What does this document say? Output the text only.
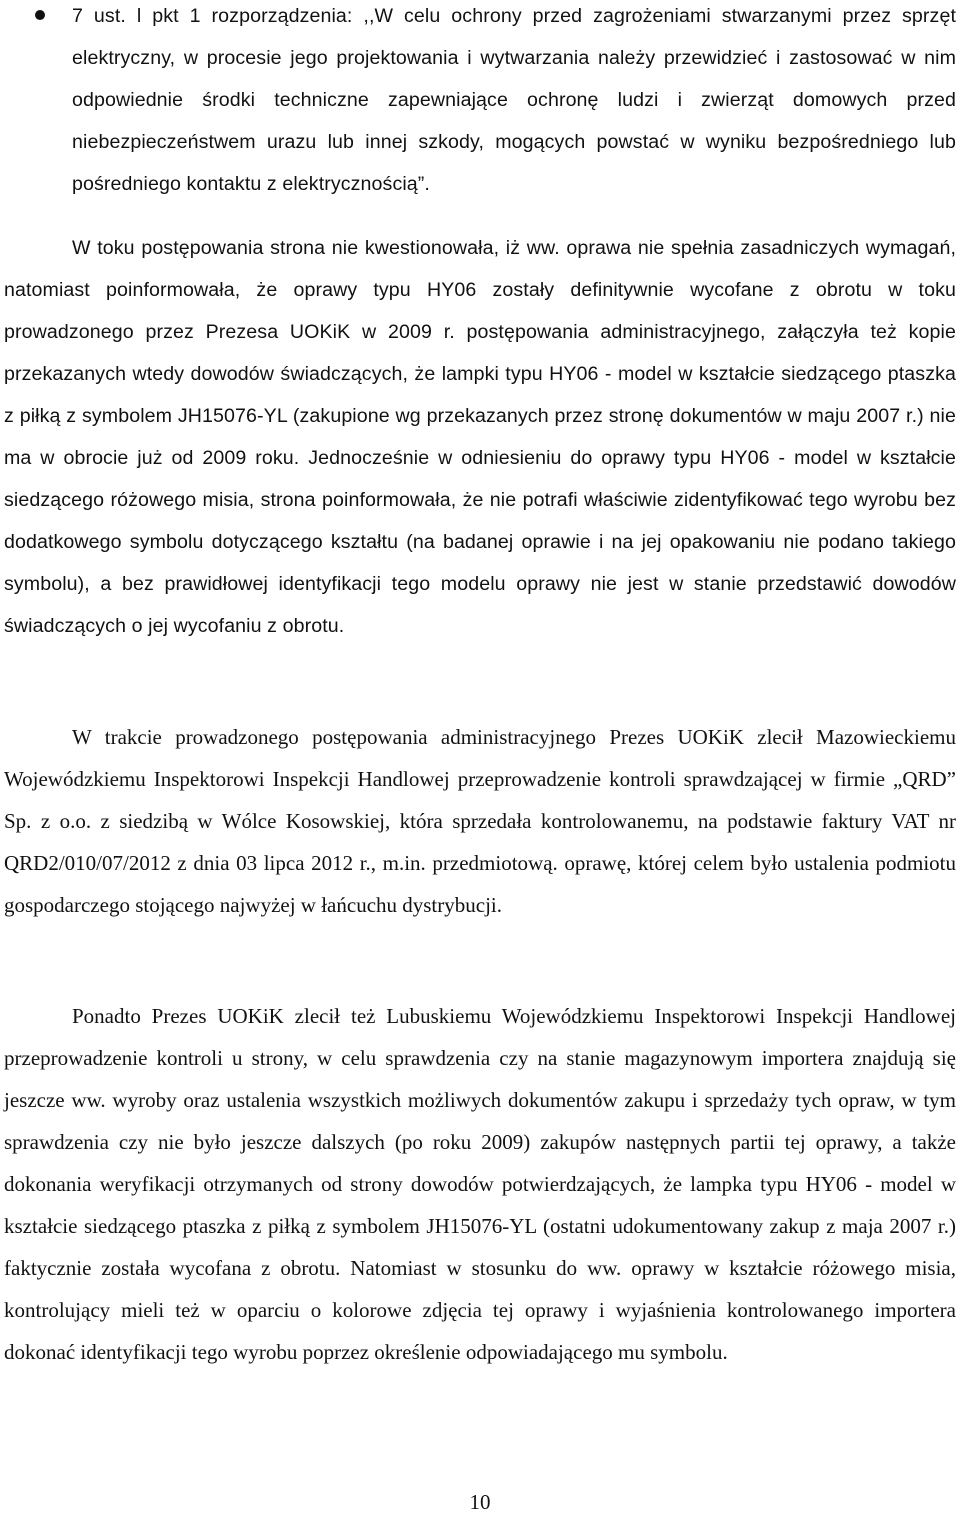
7 ust. l pkt 1 rozporządzenia: ,,W celu ochrony przed zagrożeniami stwarzanymi przez sprzęt elektryczny, w procesie jego projektowania i wytwarzania należy przewidzieć i zastosować w nim odpowiednie środki techniczne zapewniające ochronę ludzi i zwierząt domowych przed niebezpieczeństwem urazu lub innej szkody, mogących powstać w wyniku bezpośredniego lub pośredniego kontaktu z elektrycznością”.

W toku postępowania strona nie kwestionowała, iż ww. oprawa nie spełnia zasadniczych wymagań, natomiast poinformowała, że oprawy typu HY06 zostały definitywnie wycofane z obrotu w toku prowadzonego przez Prezesa UOKiK w 2009 r. postępowania administracyjnego, załączyła też kopie przekazanych wtedy dowodów świadczących, że lampki typu HY06 - model w kształcie siedzącego ptaszka z piłką z symbolem JH15076-YL (zakupione wg przekazanych przez stronę dokumentów w maju 2007 r.) nie ma w obrocie już od 2009 roku. Jednocześnie w odniesieniu do oprawy typu HY06 - model w kształcie siedzącego różowego misia, strona poinformowała, że nie potrafi właściwie zidentyfikować tego wyrobu bez dodatkowego symbolu dotyczącego kształtu (na badanej oprawie i na jej opakowaniu nie podano takiego symbolu), a bez prawidłowej identyfikacji tego modelu oprawy nie jest w stanie przedstawić dowodów świadczących o jej wycofaniu z obrotu.

W trakcie prowadzonego postępowania administracyjnego Prezes UOKiK zlecił Mazowieckiemu Wojewódzkiemu Inspektorowi Inspekcji Handlowej przeprowadzenie kontroli sprawdzającej w firmie „QRD” Sp. z o.o. z siedzibą w Wólce Kosowskiej, która sprzedała kontrolowanemu, na podstawie faktury VAT nr QRD2/010/07/2012 z dnia 03 lipca 2012 r., m.in. przedmiotową. oprawę, której celem było ustalenia podmiotu gospodarczego stojącego najwyżej w łańcuchu dystrybucji.

Ponadto Prezes UOKiK zlecił też Lubuskiemu Wojewódzkiemu Inspektorowi Inspekcji Handlowej przeprowadzenie kontroli u strony, w celu sprawdzenia czy na stanie magazynowym importera znajdują się jeszcze ww. wyroby oraz ustalenia wszystkich możliwych dokumentów zakupu i sprzedaży tych opraw, w tym sprawdzenia czy nie było jeszcze dalszych (po roku 2009) zakupów następnych partii tej oprawy, a także dokonania weryfikacji otrzymanych od strony dowodów potwierdzających, że lampka typu HY06 - model w kształcie siedzącego ptaszka z piłką z symbolem JH15076-YL (ostatni udokumentowany zakup z maja 2007 r.) faktycznie została wycofana z obrotu. Natomiast w stosunku do ww. oprawy w kształcie różowego misia, kontrolujący mieli też w oparciu o kolorowe zdjęcia tej oprawy i wyjaśnienia kontrolowanego importera dokonać identyfikacji tego wyrobu poprzez określenie odpowiadającego mu symbolu.

10
